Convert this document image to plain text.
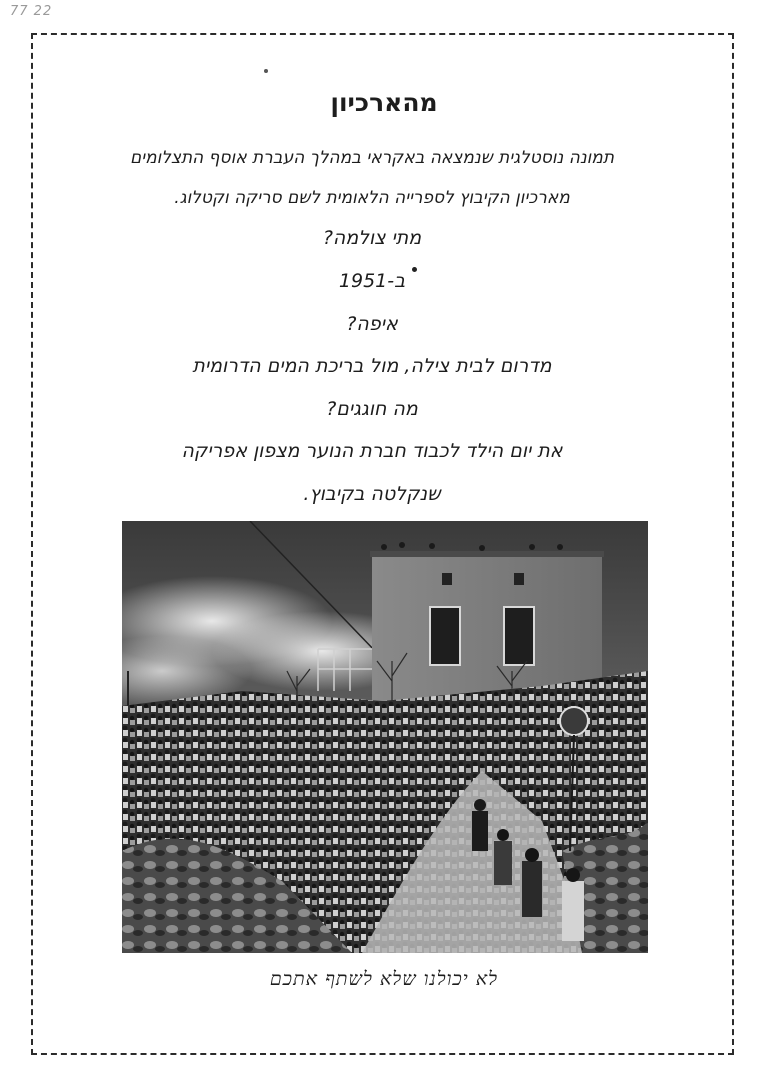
77 22
מהארכיון

תמונה נוסטלגית שנמצאה באקראי במהלך העברת אוסף התצלומים

מארכיון הקיבוץ לספרייה הלאומית לשם סריקה וקטלוג.

מתי צולמה?

ב-1951

איפה?

מדרום לבית צילה, מול בריכת המים הדרומית

מה חוגגים?

את יום הילד לכבוד חברת הנוער מצפון אפריקה

שנקלטה בקיבוץ.

לא יכולנו שלא לשתף אתכם
